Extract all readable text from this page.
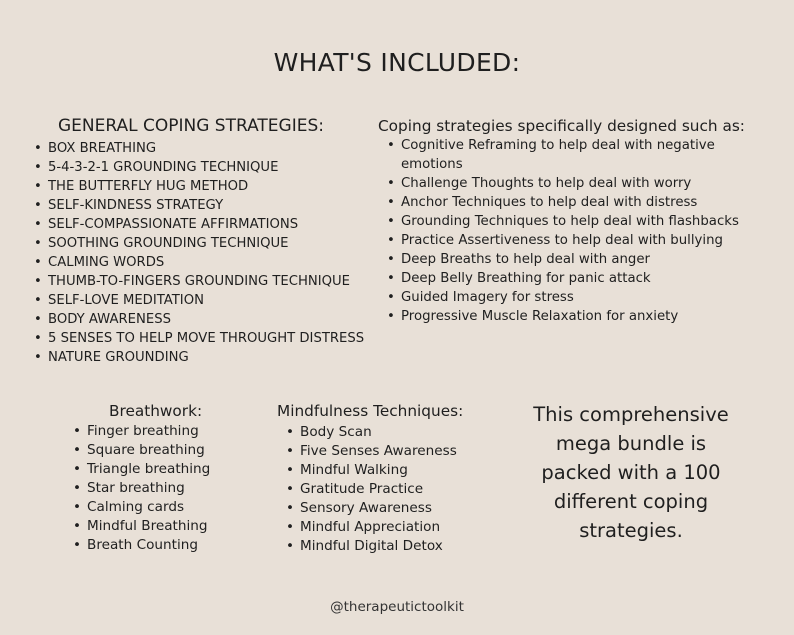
WHAT'S INCLUDED:
GENERAL COPING STRATEGIES:
• BOX BREATHING
• 5-4-3-2-1 GROUNDING TECHNIQUE
• THE BUTTERFLY HUG METHOD
• SELF-KINDNESS STRATEGY
• SELF-COMPASSIONATE AFFIRMATIONS
• SOOTHING GROUNDING TECHNIQUE
• CALMING WORDS
• THUMB-TO-FINGERS GROUNDING TECHNIQUE
• SELF-LOVE MEDITATION
• BODY AWARENESS
• 5 SENSES TO HELP MOVE THROUGHT DISTRESS
• NATURE GROUNDING
Coping strategies specifically designed such as:
• Cognitive Reframing to help deal with negative emotions
• Challenge Thoughts to help deal with worry
• Anchor Techniques to help deal with distress
• Grounding Techniques to help deal with flashbacks
• Practice Assertiveness to help deal with bullying
• Deep Breaths to help deal with anger
• Deep Belly Breathing for panic attack
• Guided Imagery for stress
• Progressive Muscle Relaxation for anxiety
Breathwork:
• Finger breathing
• Square breathing
• Triangle breathing
• Star breathing
• Calming cards
• Mindful Breathing
• Breath Counting
Mindfulness Techniques:
• Body Scan
• Five Senses Awareness
• Mindful Walking
• Gratitude Practice
• Sensory Awareness
• Mindful Appreciation
• Mindful Digital Detox

This comprehensive
mega bundle is
packed with a 100
different coping
strategies.

@therapeutictoolkit
